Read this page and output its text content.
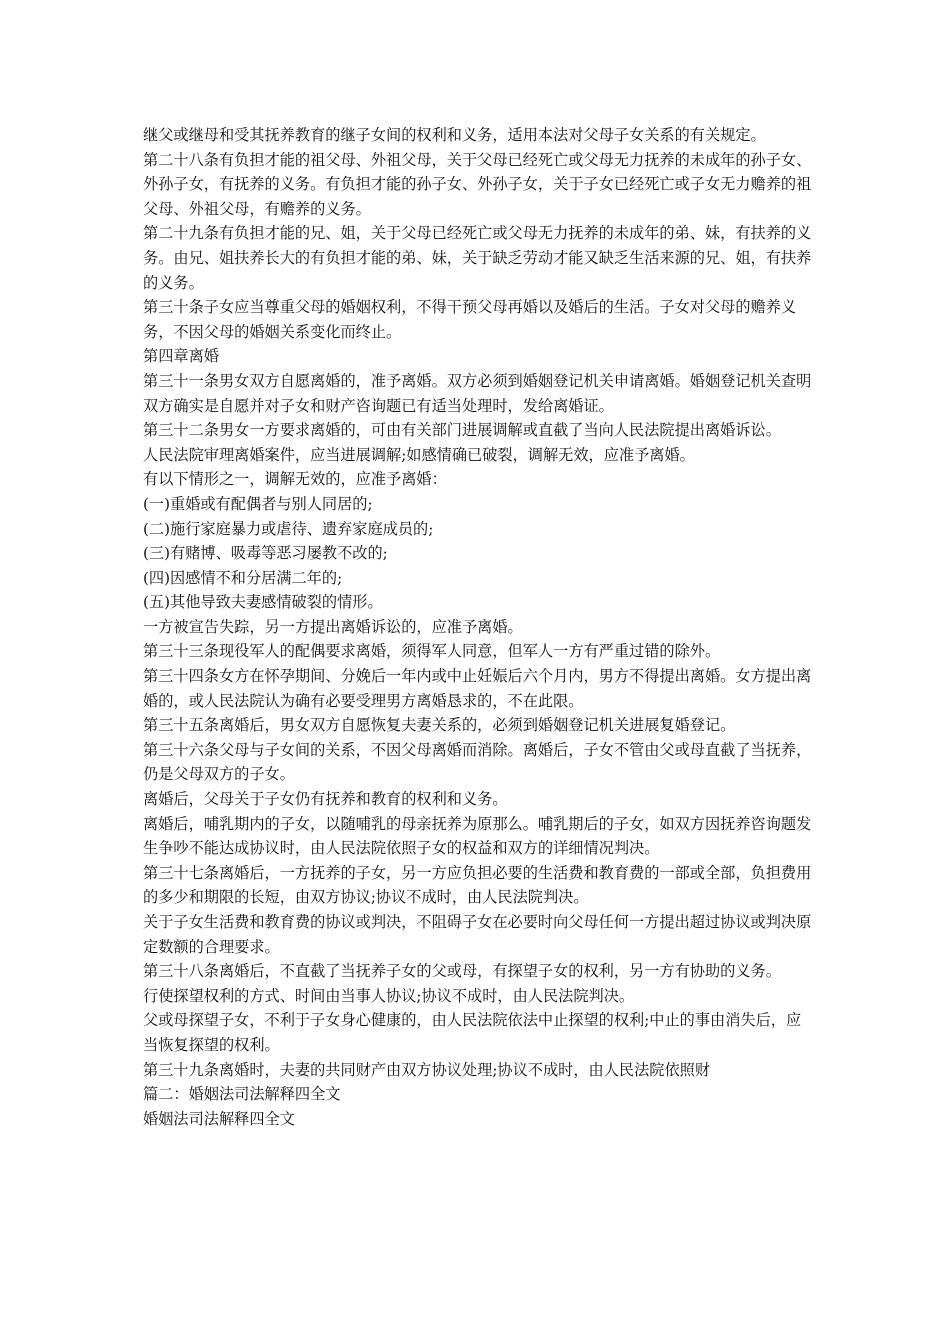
继父或继母和受其抚养教育的继子女间的权利和义务，适用本法对父母子女关系的有关规定。

第二十八条有负担才能的祖父母、外祖父母，关于父母已经死亡或父母无力抚养的未成年的孙子女、外孙子女，有抚养的义务。有负担才能的孙子女、外孙子女，关于子女已经死亡或子女无力赡养的祖父母、外祖父母，有赡养的义务。

第二十九条有负担才能的兄、姐，关于父母已经死亡或父母无力抚养的未成年的弟、妹，有扶养的义务。由兄、姐扶养长大的有负担才能的弟、妹，关于缺乏劳动才能又缺乏生活来源的兄、姐，有扶养的义务。

第三十条子女应当尊重父母的婚姻权利，不得干预父母再婚以及婚后的生活。子女对父母的赡养义务，不因父母的婚姻关系变化而终止。

第四章离婚

第三十一条男女双方自愿离婚的，准予离婚。双方必须到婚姻登记机关申请离婚。婚姻登记机关查明双方确实是自愿并对子女和财产咨询题已有适当处理时，发给离婚证。

第三十二条男女一方要求离婚的，可由有关部门进展调解或直截了当向人民法院提出离婚诉讼。

人民法院审理离婚案件，应当进展调解;如感情确已破裂，调解无效，应准予离婚。

有以下情形之一，调解无效的，应准予离婚：

(一)重婚或有配偶者与别人同居的;

(二)施行家庭暴力或虐待、遗弃家庭成员的;

(三)有赌博、吸毒等恶习屡教不改的;

(四)因感情不和分居满二年的;

(五)其他导致夫妻感情破裂的情形。

一方被宣告失踪，另一方提出离婚诉讼的，应准予离婚。

第三十三条现役军人的配偶要求离婚，须得军人同意，但军人一方有严重过错的除外。

第三十四条女方在怀孕期间、分娩后一年内或中止妊娠后六个月内，男方不得提出离婚。女方提出离婚的，或人民法院认为确有必要受理男方离婚恳求的，不在此限。

第三十五条离婚后，男女双方自愿恢复夫妻关系的，必须到婚姻登记机关进展复婚登记。

第三十六条父母与子女间的关系，不因父母离婚而消除。离婚后，子女不管由父或母直截了当抚养，仍是父母双方的子女。

离婚后，父母关于子女仍有抚养和教育的权利和义务。

离婚后，哺乳期内的子女，以随哺乳的母亲抚养为原那么。哺乳期后的子女，如双方因抚养咨询题发生争吵不能达成协议时，由人民法院依照子女的权益和双方的详细情况判决。

第三十七条离婚后，一方抚养的子女，另一方应负担必要的生活费和教育费的一部或全部，负担费用的多少和期限的长短，由双方协议;协议不成时，由人民法院判决。

关于子女生活费和教育费的协议或判决，不阻碍子女在必要时向父母任何一方提出超过协议或判决原定数额的合理要求。

第三十八条离婚后，不直截了当抚养子女的父或母，有探望子女的权利，另一方有协助的义务。

行使探望权利的方式、时间由当事人协议;协议不成时，由人民法院判决。

父或母探望子女，不利于子女身心健康的，由人民法院依法中止探望的权利;中止的事由消失后，应当恢复探望的权利。

第三十九条离婚时，夫妻的共同财产由双方协议处理;协议不成时，由人民法院依照财

篇二：婚姻法司法解释四全文

婚姻法司法解释四全文
